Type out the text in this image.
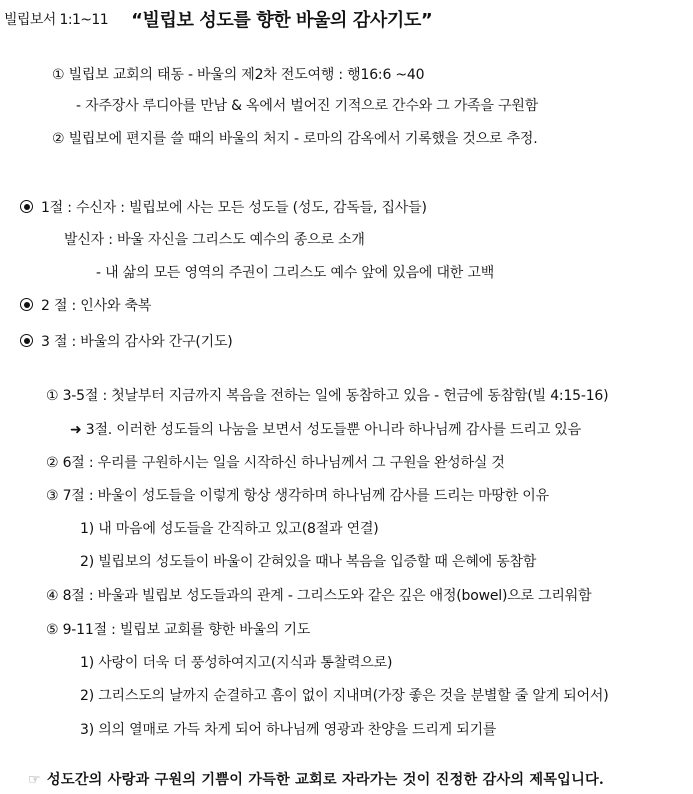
빌립보서 1:1~11 “빌립보 성도를 향한 바울의 감사기도”
① 빌립보 교회의 태동 - 바울의 제2차 전도여행 : 행16:6 ~40
- 자주장사 루디아를 만남 & 옥에서 벌어진 기적으로 간수와 그 가족을 구원함
② 빌립보에 편지를 쓸 때의 바울의 처지 - 로마의 감옥에서 기록했을 것으로 추정.
1절 : 수신자 : 빌립보에 사는 모든 성도들 (성도, 감독들, 집사들)
발신자 : 바울 자신을 그리스도 예수의 종으로 소개
- 내 삶의 모든 영역의 주권이 그리스도 예수 앞에 있음에 대한 고백
2 절 : 인사와 축복
3 절 : 바울의 감사와 간구(기도)
① 3-5절 : 첫날부터 지금까지 복음을 전하는 일에 동참하고 있음 - 헌금에 동참함(빌 4:15-16)
➜ 3절. 이러한 성도들의 나눔을 보면서 성도들뿐 아니라 하나님께 감사를 드리고 있음
② 6절 : 우리를 구원하시는 일을 시작하신 하나님께서 그 구원을 완성하실 것
③ 7절 : 바울이 성도들을 이렇게 항상 생각하며 하나님께 감사를 드리는 마땅한 이유
1) 내 마음에 성도들을 간직하고 있고(8절과 연결)
2) 빌립보의 성도들이 바울이 갇혀있을 때나 복음을 입증할 때 은혜에 동참함
④ 8절 : 바울과 빌립보 성도들과의 관계 - 그리스도와 같은 깊은 애정(bowel)으로 그리워함
⑤ 9-11절 : 빌립보 교회를 향한 바울의 기도
1) 사랑이 더욱 더 풍성하여지고(지식과 통찰력으로)
2) 그리스도의 날까지 순결하고 흠이 없이 지내며(가장 좋은 것을 분별할 줄 알게 되어서)
3) 의의 열매로 가득 차게 되어 하나님께 영광과 찬양을 드리게 되기를
☞ 성도간의 사랑과 구원의 기쁨이 가득한 교회로 자라가는 것이 진정한 감사의 제목입니다.
